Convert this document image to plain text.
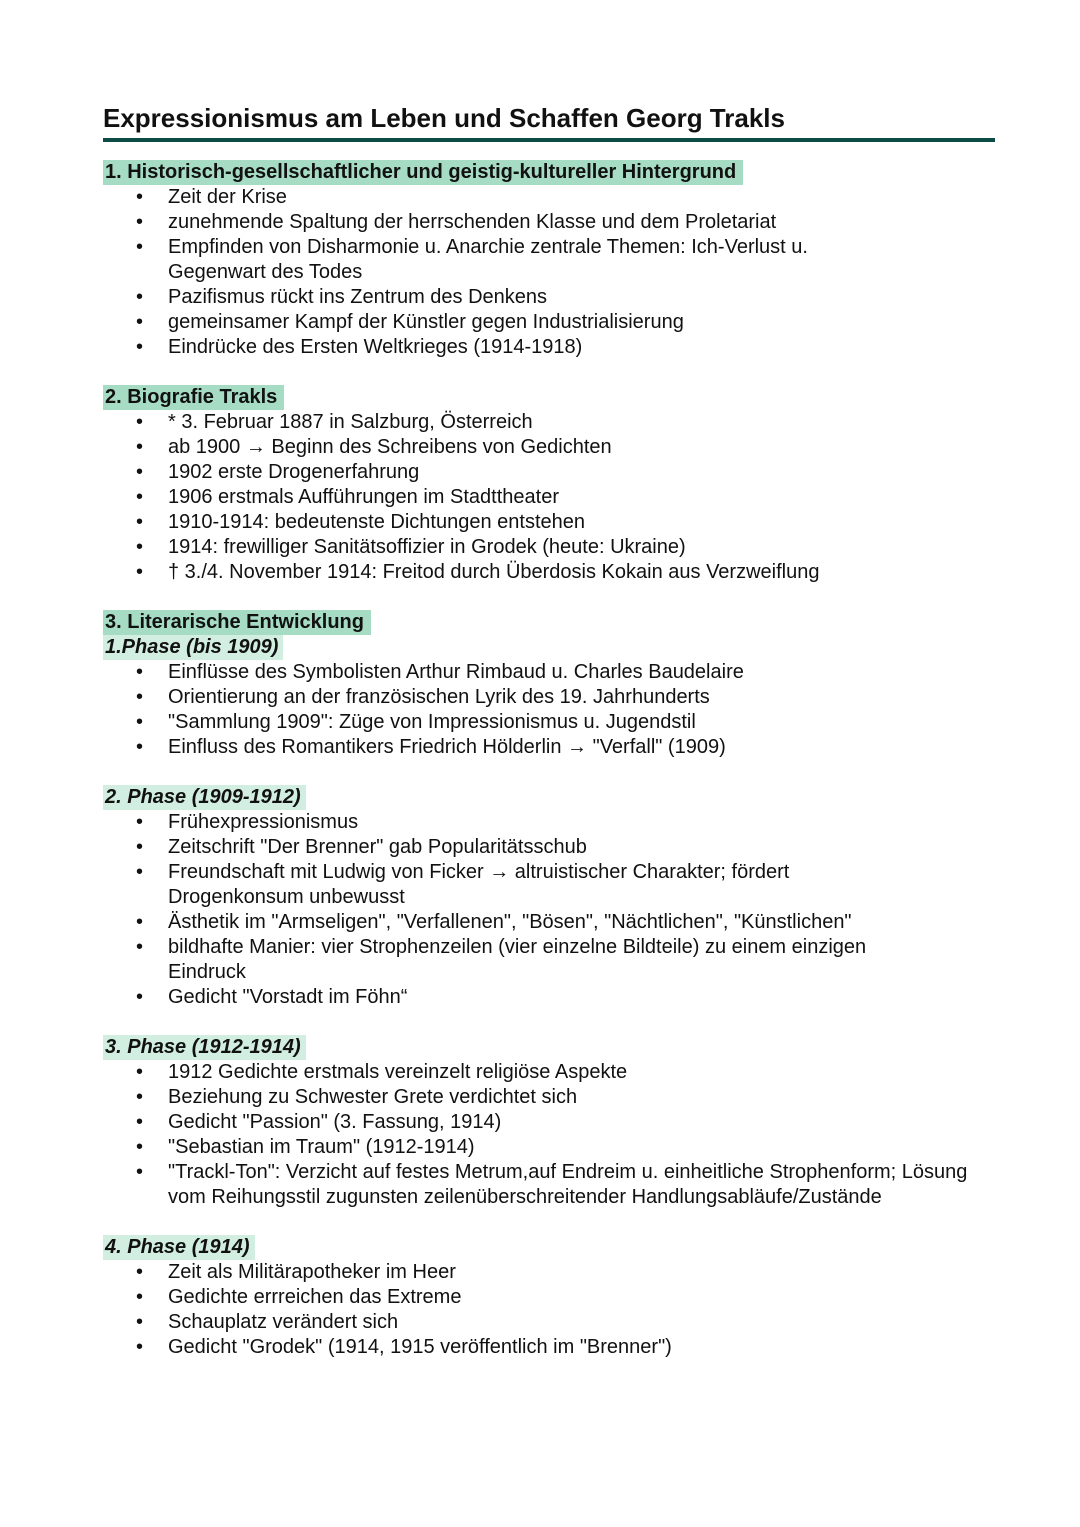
Expressionismus am Leben und Schaffen Georg Trakls
1. Historisch-gesellschaftlicher und geistig-kultureller Hintergrund
• Zeit der Krise
• zunehmende Spaltung der herrschenden Klasse und dem Proletariat
• Empfinden von Disharmonie u. Anarchie zentrale Themen: Ich-Verlust u. Gegenwart des Todes
• Pazifismus rückt ins Zentrum des Denkens
• gemeinsamer Kampf der Künstler gegen Industrialisierung
• Eindrücke des Ersten Weltkrieges (1914-1918)
2. Biografie Trakls
• * 3. Februar 1887 in Salzburg, Österreich
• ab 1900 → Beginn des Schreibens von Gedichten
• 1902 erste Drogenerfahrung
• 1906 erstmals Aufführungen im Stadttheater
• 1910-1914: bedeutenste Dichtungen entstehen
• 1914: frewilliger Sanitätsoffizier in Grodek (heute: Ukraine)
• † 3./4. November 1914: Freitod durch Überdosis Kokain aus Verzweiflung
3. Literarische Entwicklung
1.Phase (bis 1909)
• Einflüsse des Symbolisten Arthur Rimbaud u. Charles Baudelaire
• Orientierung an der französischen Lyrik des 19. Jahrhunderts
• "Sammlung 1909": Züge von Impressionismus u. Jugendstil
• Einfluss des Romantikers Friedrich Hölderlin → "Verfall" (1909)
2. Phase (1909-1912)
• Frühexpressionismus
• Zeitschrift "Der Brenner" gab Popularitätsschub
• Freundschaft mit Ludwig von Ficker → altruistischer Charakter; fördert Drogenkonsum unbewusst
• Ästhetik im "Armseligen", "Verfallenen", "Bösen", "Nächtlichen", "Künstlichen"
• bildhafte Manier: vier Strophenzeilen (vier einzelne Bildteile) zu einem einzigen Eindruck
• Gedicht "Vorstadt im Föhn“
3. Phase (1912-1914)
• 1912 Gedichte erstmals vereinzelt religiöse Aspekte
• Beziehung zu Schwester Grete verdichtet sich
• Gedicht "Passion" (3. Fassung, 1914)
• "Sebastian im Traum" (1912-1914)
• "Trackl-Ton": Verzicht auf festes Metrum,auf Endreim u. einheitliche Strophenform; Lösung vom Reihungsstil zugunsten zeilenüberschreitender Handlungsabläufe/Zustände
4. Phase (1914)
• Zeit als Militärapotheker im Heer
• Gedichte errreichen das Extreme
• Schauplatz verändert sich
• Gedicht "Grodek" (1914, 1915 veröffentlich im "Brenner")
